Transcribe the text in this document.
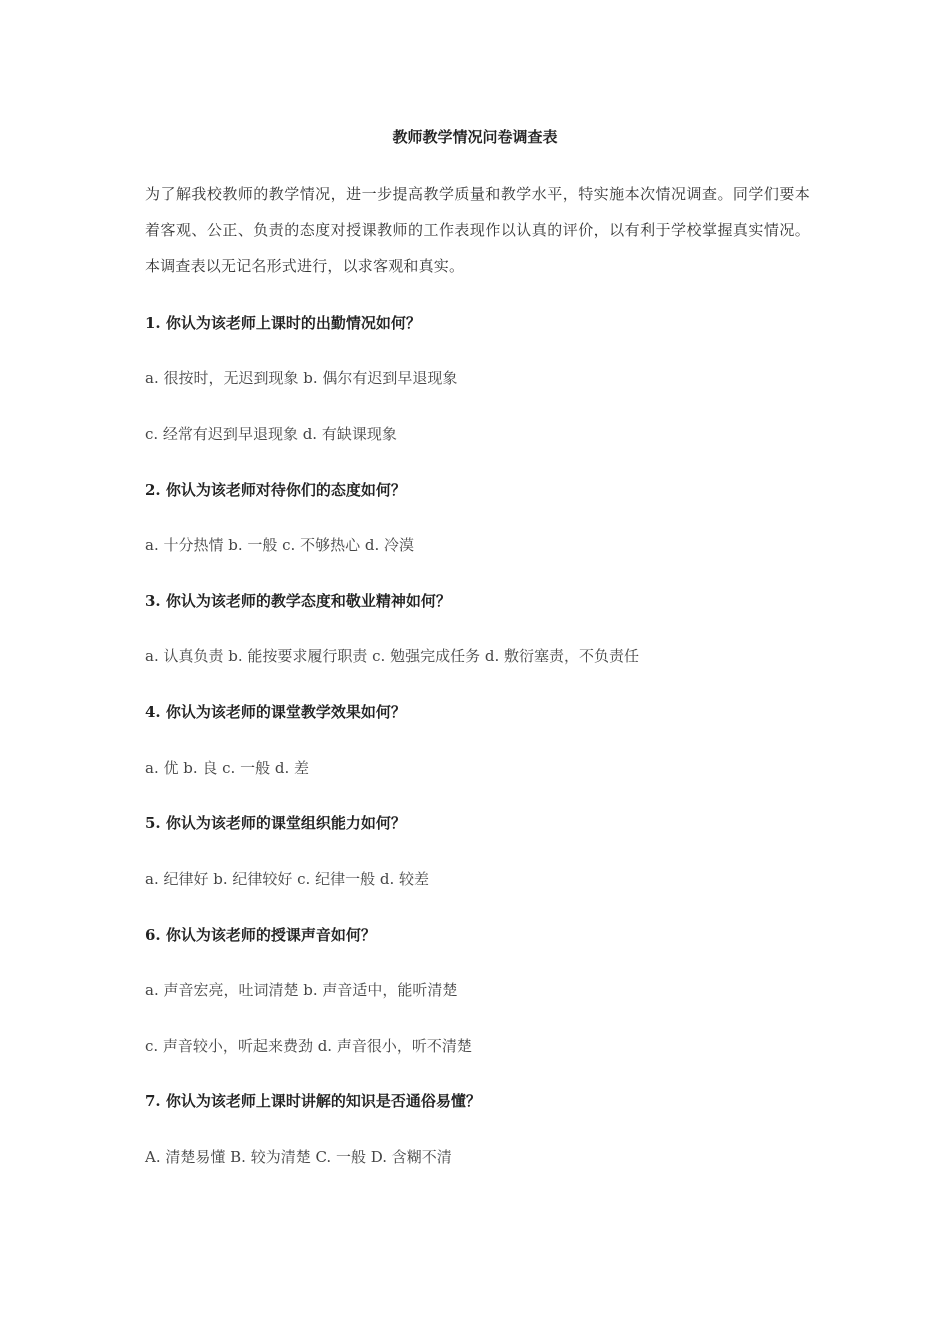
教师教学情况问卷调查表
为了解我校教师的教学情况，进一步提高教学质量和教学水平，特实施本次情况调查。同学们要本着客观、公正、负责的态度对授课教师的工作表现作以认真的评价，以有利于学校掌握真实情况。本调查表以无记名形式进行，以求客观和真实。
1. 你认为该老师上课时的出勤情况如何？
a. 很按时，无迟到现象 b. 偶尔有迟到早退现象
c. 经常有迟到早退现象 d. 有缺课现象
2. 你认为该老师对待你们的态度如何？
a. 十分热情 b. 一般 c. 不够热心 d. 冷漠
3. 你认为该老师的教学态度和敬业精神如何？
a. 认真负责 b. 能按要求履行职责 c. 勉强完成任务 d. 敷衍塞责，不负责任
4. 你认为该老师的课堂教学效果如何？
a. 优 b. 良 c. 一般 d. 差
5. 你认为该老师的课堂组织能力如何？
a. 纪律好 b. 纪律较好 c. 纪律一般 d. 较差
6. 你认为该老师的授课声音如何？
a. 声音宏亮，吐词清楚 b. 声音适中，能听清楚
c. 声音较小，听起来费劲 d. 声音很小，听不清楚
7. 你认为该老师上课时讲解的知识是否通俗易懂？
A. 清楚易懂 B. 较为清楚 C. 一般 D. 含糊不清
